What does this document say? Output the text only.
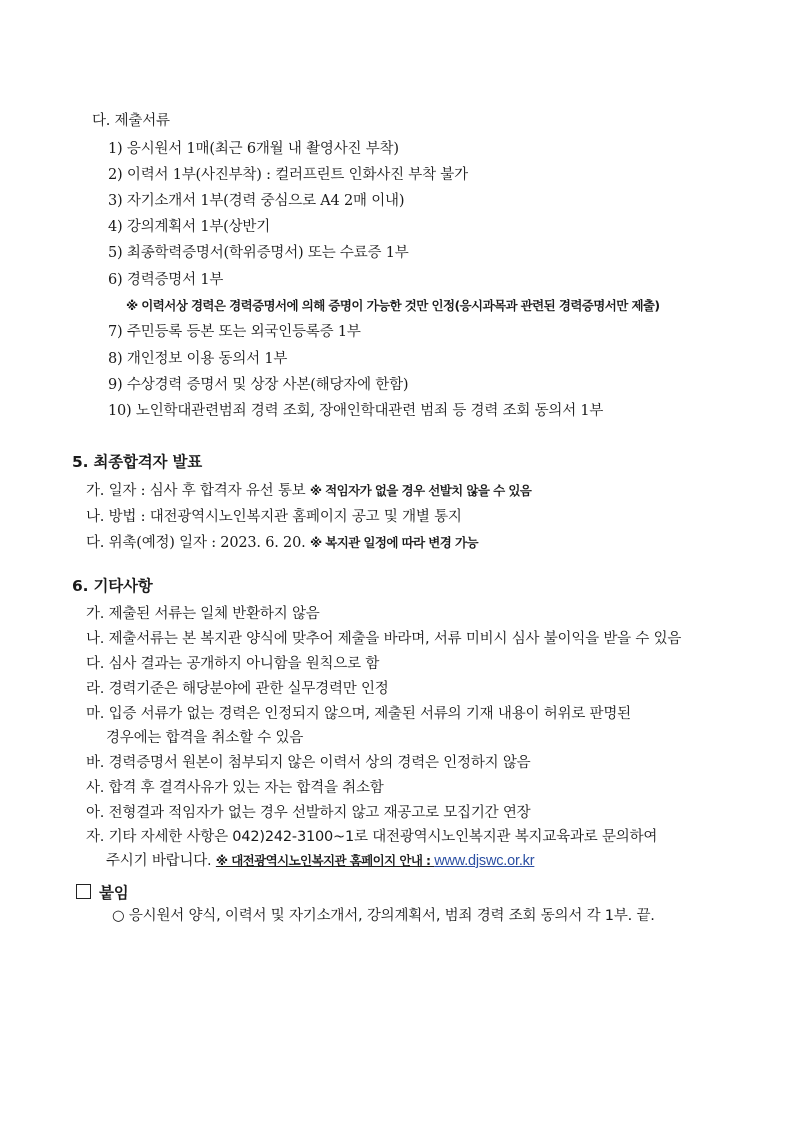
다. 제출서류
1) 응시원서 1매(최근 6개월 내 촬영사진 부착)
2) 이력서 1부(사진부착) : 컬러프린트 인화사진 부착 불가
3) 자기소개서 1부(경력 중심으로 A4 2매 이내)
4) 강의계획서 1부(상반기
5) 최종학력증명서(학위증명서) 또는 수료증 1부
6) 경력증명서 1부
※ 이력서상 경력은 경력증명서에 의해 증명이 가능한 것만 인정(응시과목과 관련된 경력증명서만 제출)
7) 주민등록 등본 또는 외국인등록증 1부
8) 개인정보 이용 동의서 1부
9) 수상경력 증명서 및 상장 사본(해당자에 한함)
10) 노인학대관련범죄 경력 조회, 장애인학대관련 범죄 등 경력 조회 동의서 1부
5. 최종합격자 발표
가. 일자 : 심사 후 합격자 유선 통보 ※ 적임자가 없을 경우 선발치 않을 수 있음
나. 방법 : 대전광역시노인복지관 홈페이지 공고 및 개별 통지
다. 위촉(예정) 일자 : 2023. 6. 20. ※ 복지관 일정에 따라 변경 가능
6. 기타사항
가. 제출된 서류는 일체 반환하지 않음
나. 제출서류는 본 복지관 양식에 맞추어 제출을 바라며, 서류 미비시 심사 불이익을 받을 수 있음
다. 심사 결과는 공개하지 아니함을 원칙으로 함
라. 경력기준은 해당분야에 관한 실무경력만 인정
마. 입증 서류가 없는 경력은 인정되지 않으며, 제출된 서류의 기재 내용이 허위로 판명된
경우에는 합격을 취소할 수 있음
바. 경력증명서 원본이 첨부되지 않은 이력서 상의 경력은 인정하지 않음
사. 합격 후 결격사유가 있는 자는 합격을 취소함
아. 전형결과 적임자가 없는 경우 선발하지 않고 재공고로 모집기간 연장
자. 기타 자세한 사항은 042)242-3100~1로 대전광역시노인복지관 복지교육과로 문의하여
주시기 바랍니다. ※ 대전광역시노인복지관 홈페이지 안내 : www.djswc.or.kr
붙임
○ 응시원서 양식, 이력서 및 자기소개서, 강의계획서, 범죄 경력 조회 동의서 각 1부. 끝.
